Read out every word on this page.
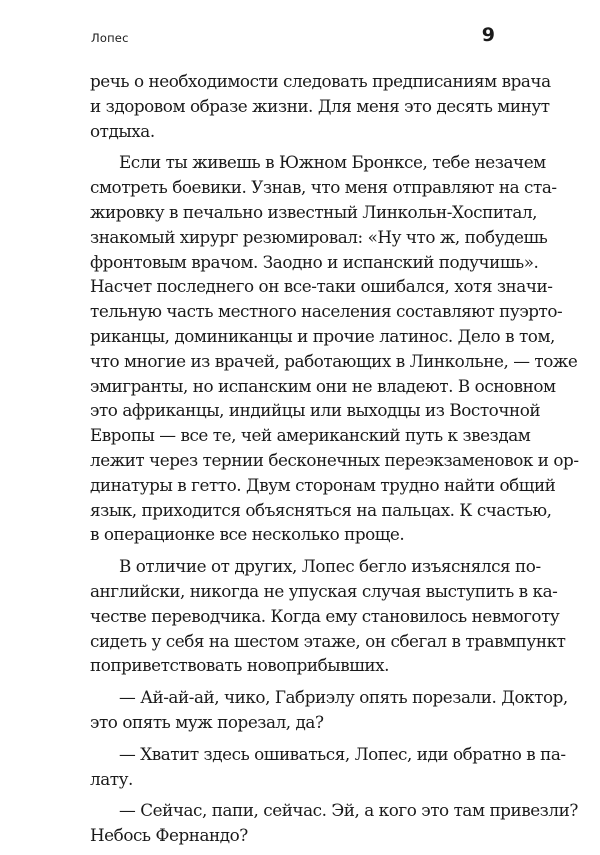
Лопес	9
речь о необходимости следовать предписаниям врача
и здоровом образе жизни. Для меня это десять минут
отдыха.
Если ты живешь в Южном Бронксе, тебе незачем
смотреть боевики. Узнав, что меня отправляют на ста-
жировку в печально известный Линкольн-Хоспитал,
знакомый хирург резюмировал: «Ну что ж, побудешь
фронтовым врачом. Заодно и испанский подучишь».
Насчет последнего он все-таки ошибался, хотя значи-
тельную часть местного населения составляют пуэрто-
риканцы, доминиканцы и прочие латинос. Дело в том,
что многие из врачей, работающих в Линкольне, — тоже
эмигранты, но испанским они не владеют. В основном
это африканцы, индийцы или выходцы из Восточной
Европы — все те, чей американский путь к звездам
лежит через тернии бесконечных переэкзаменовок и ор-
динатуры в гетто. Двум сторонам трудно найти общий
язык, приходится объясняться на пальцах. К счастью,
в операционке все несколько проще.
В отличие от других, Лопес бегло изъяснялся по-
английски, никогда не упуская случая выступить в ка-
честве переводчика. Когда ему становилось невмоготу
сидеть у себя на шестом этаже, он сбегал в травмпункт
поприветствовать новоприбывших.
— Ай-ай-ай, чико, Габриэлу опять порезали. Доктор,
это опять муж порезал, да?
— Хватит здесь ошиваться, Лопес, иди обратно в па-
лату.
— Сейчас, папи, сейчас. Эй, а кого это там привезли?
Небось Фернандо?
